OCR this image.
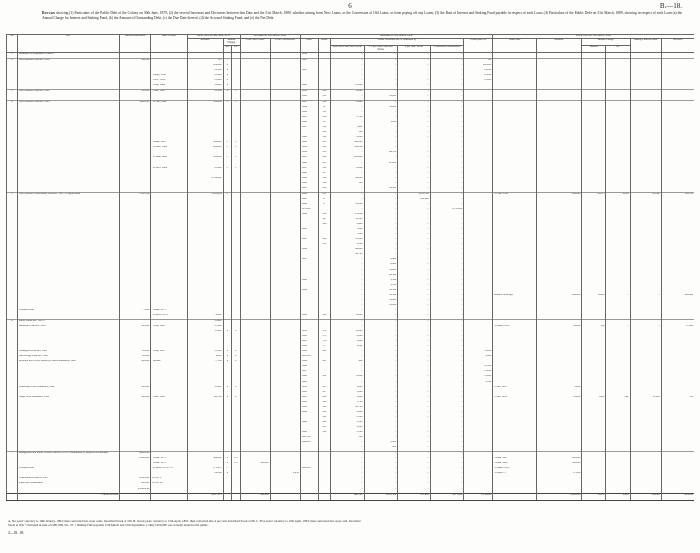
6	B.—18.
Return showing (1) Particulars of the Public Debt of the Colony on 30th June, 1879; (2) the several Increases and Decreases between that Date and the 31st March, 1889, whether arising from New Loans, or the Conversion of Old Loans, or from paying off any Loans; (3) the Rate of Interest and Sinking Fund payable in respect of each Loan; (4) Particulars of the Public Debt on 31st March, 1889, showing in respect of each Loan (a) the Annual Charge for Interest and Sinking Fund, (b) the Amount of Outstanding Debt, (c) the Due Date thereof, (d) the Accrued Sinking Fund, and (e) the Net Debt.
No.	Act.	Amount authorized.	Date of Issue.	Public Debt on 30th June, 1879.			Increases on 31st March, 1889.		Decreases to 31st March, 1889.							Public Debt on 31st March, 1889.					
				Amount.	Annual Charge.		From New Loans.	From Conversions.	Date.	Dates.	Loans converted into or redeemed by				Loans paid off.	When Due.	Amount.	Annual Charge.		Sinking Fund Accrued.	Net Debt.
					Int.	S.F.					4 per cents. Inscribed Stock.	3½ per cents. Inscribed Stock.	4 per cent. Stock.	Consolidated Debentures.				Interest.	S.F.		
1	Ordinance of Legislative Council								1859		..	..	..	..							
2	New Zealand Loan Act, 1856	500,000		511	..				1861		..	..	..	..	511						
				200,000	6						..	..	..	..	200,000						
				25,000	6				1867		..	..	..	..	25,000						
			1 Aug., 1858	25,000	6						..	..	..	..	25,000						
			1 Oct., 1858	25,000	6						..	..	..	..	25,000						
			1 July, 1864	25,000	6				1868		25,000	..	..	..							
3	New Zealand Loan Act, 1860	150,000	1 Jan., 1861	81,100	6	1			1881	106	74,100	..	..	..							
									1882	113	..	19,000	..	..							
4	New Zealand Loan Act, 1863	3,000,000	15 Jan., 1864	500,000	5	1			1883	114	35,900	..	..	..							
									1884	A	..	55,800	..	..							
									1884	115	..	..	..	..							
									1885	116	3,700	..	..	..							
									1886	117	..	3,200	..	..							
									1887	118	1,400	..	..	..							
										119	100	..	..	..							
									1888	120	2,800	..	..	..							
			1 June, 1865	500,000	5	1			1882	121	300,000	..	..	..							
			15 Mar., 1866	200,000	5	1			1883	122	128,800	..	..	..							
									1884	123	..	46,700	..	..							
			15 June, 1866	300,000	5	1			1885	124	200,400	..	..	..							
									1886	125	..	47,000	..	..							
			15 Dec., 1866	25,200	5	1			1887	126	6,000	..	..	..							
									1888	127	..	..	..	..							
				1,510,000					1889	128	68,800	..	..	..							
									1882	129	100	..	..	..							
									1883	130	..	28,300	..	..							
5	New Zealand Consolidated Loan Act, 1867—English issue	7,160,100		5,521,800	5				1884	131	..	..	5,051,700	..		15 Jan., 1914	266,000	10,675	2,660	115,300	150,700
									1885	B	..	..	202,400	..							
									1886	C	22,300	..	..	..							
									1879-80		..	..	..	1,153,800							
									1880	110	371,000	..	..	..							
										147	10,500	..	..	..							
										148	2,400	..	..	..							
									1882		7,800	..	..	..							
											7,000	..	..	..							
									1883	149	21,000	..	..	..							
										150	5,000	..	..	..							
									1884		46,600	..	..	..							
											99,700	..	..	..							
									1887		..	2,400	..	..							
											..	6,900	..	..							
											..	31,600	..	..							
											..	40,300	..	..							
									1888		..	1,100	..	..							
											..	3,700	..	..							
									1889		..	63,300	..	..							
											..	52,500	..	..		Annual Drawings	266,400	11,800	..	..	266,400
											..	33,400	..	..							
											..	25,000	..	..							
	Colonial issue	77,800	1 June, 1875								..	..	..	..							
			15 April, 1876	78,000					1889	164	53,600	..	..	..							
6	Public Debts Act, 1867—			15,000							..	..	..	..							
	Auckland Loan Act, 1863	500,000	1 July, 1863	27,000							..	..	..	..		15 April, 1915	50,000	300	..	..	17,800
				31,000	6	2			1881	174	11,000	..	..	..							
									1882	175	2,000	..	..	..							
									1883	176	1,000	..	..	..							
									1884	177	1,000	..	..	..							
	Wellington Loan Act, 1865	20,000	1 July, 1867	15,100	6	2			1880	180	..	..	..	..	15,000						
	Hutt Bridge Loan Act, 1862	20,000		4,300	6	2			1881-84		..	..	..	..	4,300						
	Lyttelton and Ch.Ch. Railway Loans Ordinances, 1860	300,000	Various	77,700	6	2			1884	181	400	..	..	..							
									1886		..	..	..	..	25,300						
									1887		..	..	..	..	15,000						
									1888	182	6,800	..	..	..	15,000						
									1889		..	..	..	..	4,700						
	Canterbury Loan Ordinance, 1862	500,000		23,000	6	2			1881	185	5,000	..	..	..		2 Jan., 1915	2,000				
									1882	187	1,000	..	..	..							
	Otago Loan Ordinance, 1862	500,000	1 Jan., 1863	116,700	6	2			1881	189	1,000	..	..	..		2 Jan., 1914	12,000	1,900	240	11,220	780
									1882	190	1,700	..	..	..							
									1883	191	62,700	..	..	..							
									1884	192	2,600	..	..	..							
										193	8,100	..	..	..							
									1886	194	1,500	..	..	..							
										195	3,000	..	..	..							
									1888	196	3,500	..	..	..							
									1887-89		100	..	..	..							
									1888-89		..	1,800	..	..							
											..	400	..	..							
7	Immigration and Public Works Loan Act, 1870—Guaranteed by Imperial Government	4,000,000									..	..	..	..							
		1,000,000	1 June, 1871	400,000	4	2½					..	..	..	..		1 June, 1907	200,000				
			1 June, 1872		4	2½	500,000				..	..	..	..		1 June, 1908	500,000				
	Colonial issue		15 April, 1878—79	273,470	5				1882-89		..	..	..	..		15 April, 1913					
				22,590	4			2,250			..	..	..	..		15 April, ...	27,000				
	Consolidated Loans of 1867	2,100,000	In No. 5.								..	..	..	..							
	4-per-cent. Preferential	200,000	In No. 10.								..	..	..	..							
		45,000,000									..	..	..	..							
	Carried forward			9,287,211			500,000				468,700	1,012,500	227,400	5,271,800	1,134,000		1,091,800	55,679	2,900	126,520	665,280
A. Six years' currency to 19th January, 1893; then converted into 4 per cents. Inscribed Stock at 100. B. Seven years' currency to 15th April, 1891; then converted into 4 per cent. Inscribed Stock at 96. C. Five years' currency to 15th April, 1893; then converted into 4 per cent. Inscribed
Stock at 100. * Included in sum of £281,000, No. 53. † Sinking Fund payable 15th March and 15th September. ‡ Only £250,000 was actually issued to the public.
2—B. 18.
